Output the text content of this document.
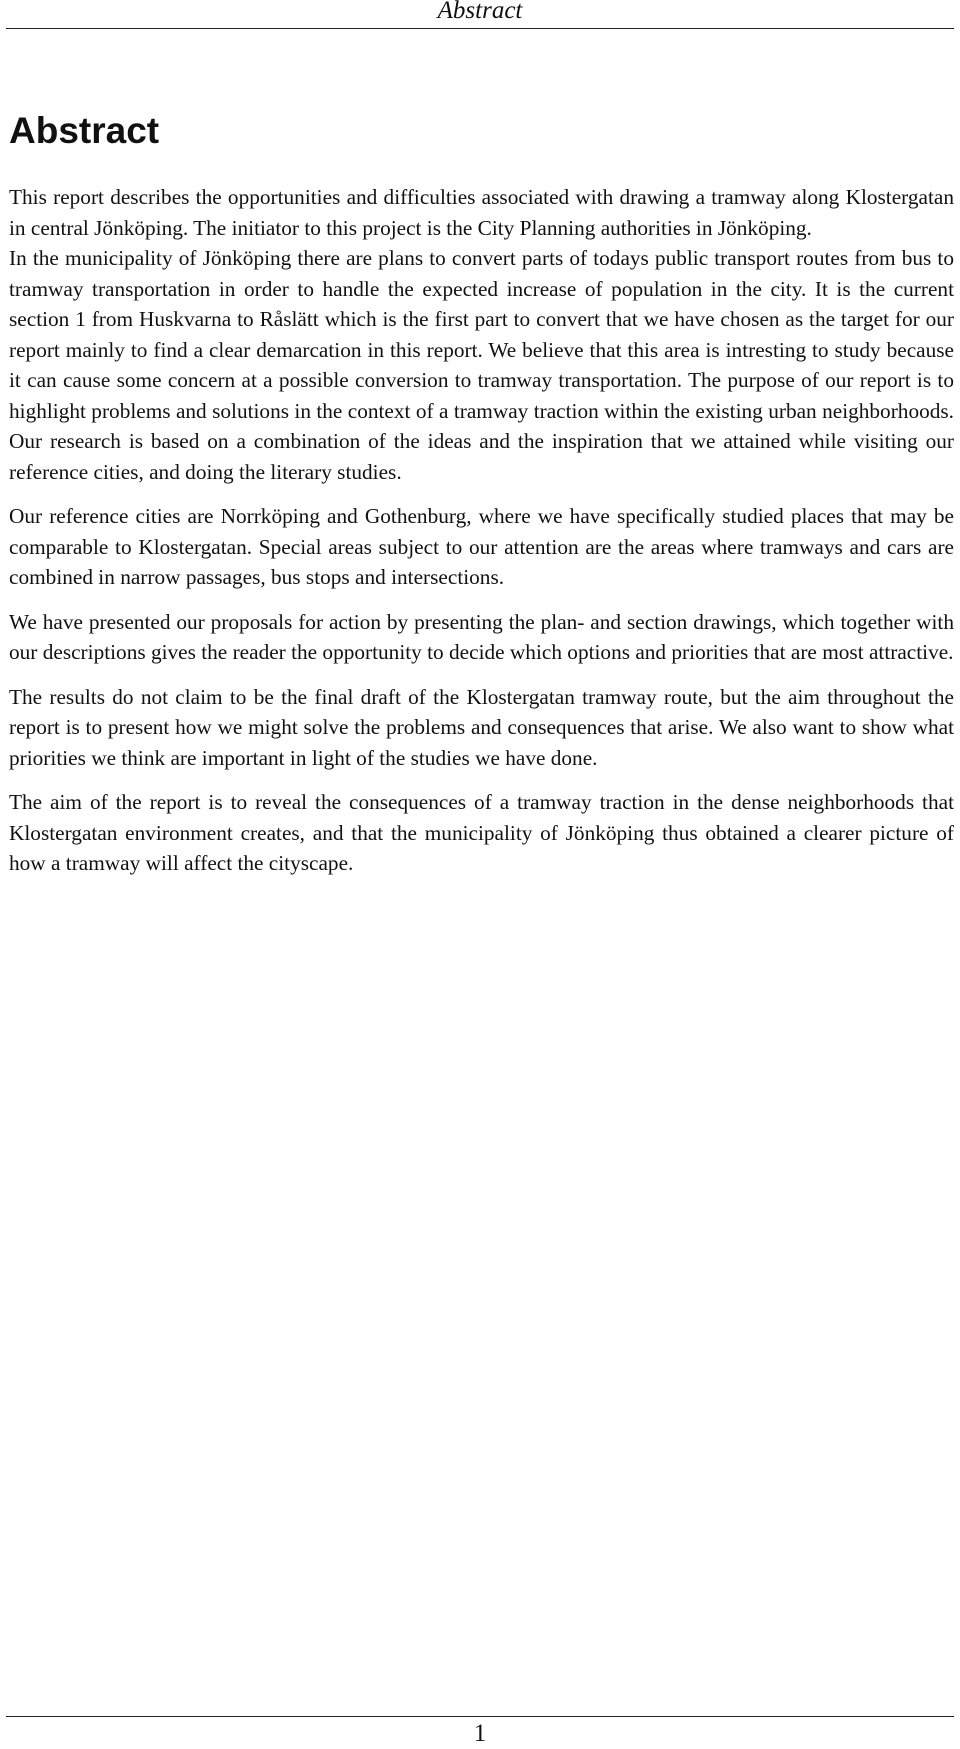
Abstract
Abstract

This report describes the opportunities and difficulties associated with drawing a tramway along Klostergatan in central Jönköping. The initiator to this project is the City Planning authorities in Jönköping.

In the municipality of Jönköping there are plans to convert parts of todays public transport routes from bus to tramway transportation in order to handle the expected increase of population in the city. It is the current section 1 from Huskvarna to Råslätt which is the first part to convert that we have chosen as the target for our report mainly to find a clear demarcation in this report. We believe that this area is intresting to study because it can cause some concern at a possible conversion to tramway transportation. The purpose of our report is to highlight problems and solutions in the context of a tramway traction within the existing urban neighborhoods. Our research is based on a combination of the ideas and the inspiration that we attained while visiting our reference cities, and doing the literary studies.

Our reference cities are Norrköping and Gothenburg, where we have specifically studied places that may be comparable to Klostergatan. Special areas subject to our attention are the areas where tramways and cars are combined in narrow passages, bus stops and intersections.

We have presented our proposals for action by presenting the plan- and section drawings, which together with our descriptions gives the reader the opportunity to decide which options and priorities that are most attractive.

The results do not claim to be the final draft of the Klostergatan tramway route, but the aim throughout the report is to present how we might solve the problems and consequences that arise. We also want to show what priorities we think are important in light of the studies we have done.

The aim of the report is to reveal the consequences of a tramway traction in the dense neighborhoods that Klostergatan environment creates, and that the municipality of Jönköping thus obtained a clearer picture of how a tramway will affect the cityscape.

1
